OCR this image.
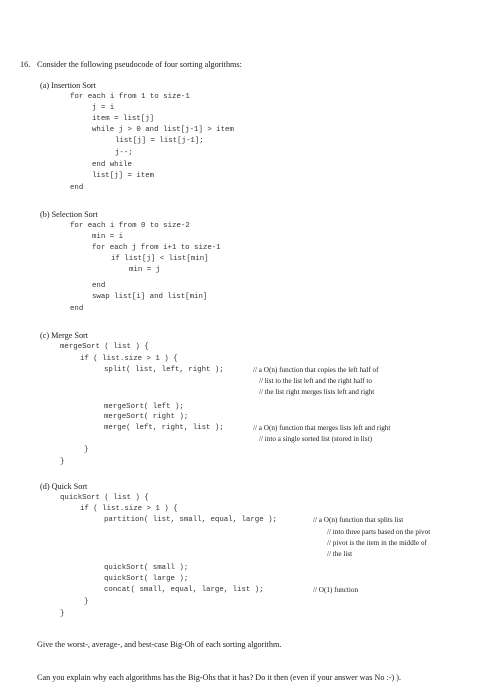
16. Consider the following pseudocode of four sorting algorithms:
(a) Insertion Sort
for each i from 1 to size-1
j = i
item = list[j]
while j > 0 and list[j-1] > item
list[j] = list[j-1];
j--;
end while
list[j] = item
end
(b) Selection Sort
for each i from 0 to size-2
min = i
for each j from i+1 to size-1
if list[j] < list[min]
min = j
end
swap list[i] and list[min]
end
(c) Merge Sort
mergeSort ( list ) {
if ( list.size > 1 ) {
split( list, left, right );	// a O(n) function that copies the left half of
// list to the list left and the right half to
// the list right merges lists left and right
mergeSort( left );
mergeSort( right );
merge( left, right, list );	// a O(n) function that merges lists left and right
// into a single sorted list (stored in list)
}
}
(d) Quick Sort
quickSort ( list ) {
if ( list.size > 1 ) {
partition( list, small, equal, large );	// a O(n) function that splits list
// into three parts based on the pivot
// pivot is the item in the middle of
// the list
quickSort( small );
quickSort( large );
concat( small, equal, large, list );	// O(1) function
}
}
Give the worst-, average-, and best-case Big-Oh of each sorting algorithm.
Can you explain why each algorithms has the Big-Ohs that it has? Do it then (even if your answer was No :-) ).
